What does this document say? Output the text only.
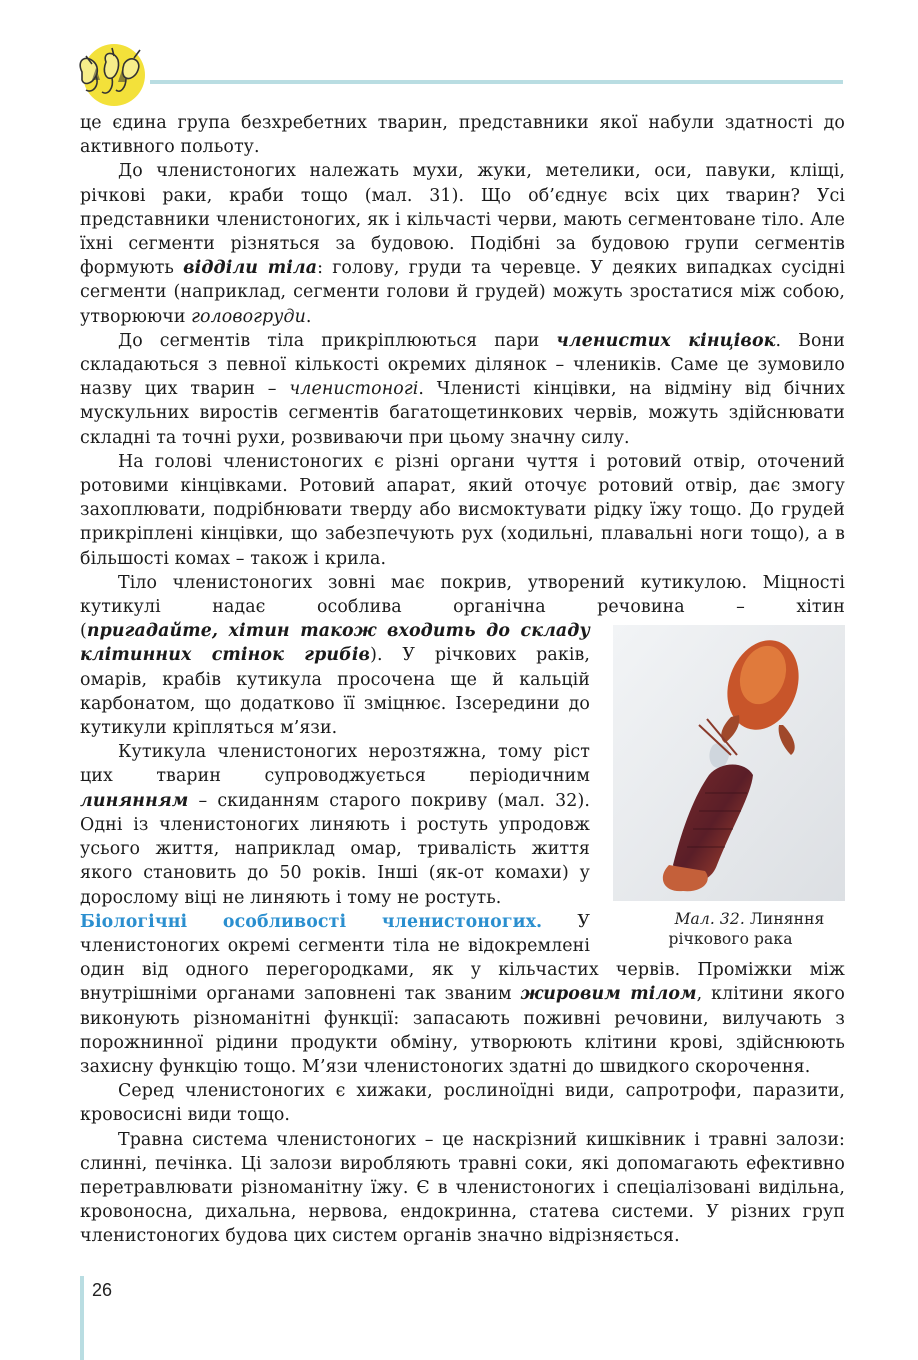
це єдина група безхребетних тварин, представники якої набули здатності до активного польоту.

До членистоногих належать мухи, жуки, метелики, оси, павуки, кліщі, річкові раки, краби тощо (мал. 31). Що об’єднує всіх цих тварин? Усі представники членистоногих, як і кільчасті черви, мають сегментоване тіло. Але їхні сегменти різняться за будовою. Подібні за будовою групи сегментів формують відділи тіла: голову, груди та черевце. У деяких випадках сусідні сегменти (наприклад, сегменти голови й грудей) можуть зростатися між собою, утворюючи головогруди.

До сегментів тіла прикріплюються пари членистих кінцівок. Вони складаються з певної кількості окремих ділянок – члеників. Саме це зумовило назву цих тварин – членистоногі. Членисті кінцівки, на відміну від бічних мускульних виростів сегментів багатощетинкових червів, можуть здійснювати складні та точні рухи, розвиваючи при цьому значну силу.

На голові членистоногих є різні органи чуття і ротовий отвір, оточений ротовими кінцівками. Ротовий апарат, який оточує ротовий отвір, дає змогу захоплювати, подрібнювати тверду або висмоктувати рідку їжу тощо. До грудей прикріплені кінцівки, що забезпечують рух (ходильні, плавальні ноги тощо), а в більшості комах – також і крила.

Тіло членистоногих зовні має покрив, утворений кутикулою. Міцності кутикулі надає особлива органічна речовина – хітин (
Мал. 32. Линяння річкового рака
пригадайте, хітин також входить до складу клітинних стінок грибів). У річкових раків, омарів, крабів кутикула просочена ще й кальцій карбонатом, що додатково її зміцнює. Ізсередини до кутикули кріпляться м’язи.

Кутикула членистоногих нерозтяжна, тому ріст цих тварин супроводжується періодичним линянням – скиданням старого покриву (мал. 32). Одні із членистоногих линяють і ростуть упродовж усього життя, наприклад омар, тривалість життя якого становить до 50 років. Інші (як-от комахи) у дорослому віці не линяють і тому не ростуть.

Біологічні особливості членистоногих. У членистоногих окремі сегменти тіла не відокремлені один від одного перегородками, як у кільчастих червів. Проміжки між внутрішніми органами заповнені так званим жировим тілом, клітини якого виконують різноманітні функції: запасають поживні речовини, вилучають з порожнинної рідини продукти обміну, утворюють клітини крові, здійснюють захисну функцію тощо. М’язи членистоногих здатні до швидкого скорочення.

Серед членистоногих є хижаки, рослиноїдні види, сапротрофи, паразити, кровосисні види тощо.

Травна система членистоногих – це наскрізний кишківник і травні залози: слинні, печінка. Ці залози виробляють травні соки, які допомагають ефективно перетравлювати різноманітну їжу. Є в членистоногих і спеціалізовані видільна, кровоносна, дихальна, нервова, ендокринна, статева системи. У різних груп членистоногих будова цих систем органів значно відрізняється.

26
